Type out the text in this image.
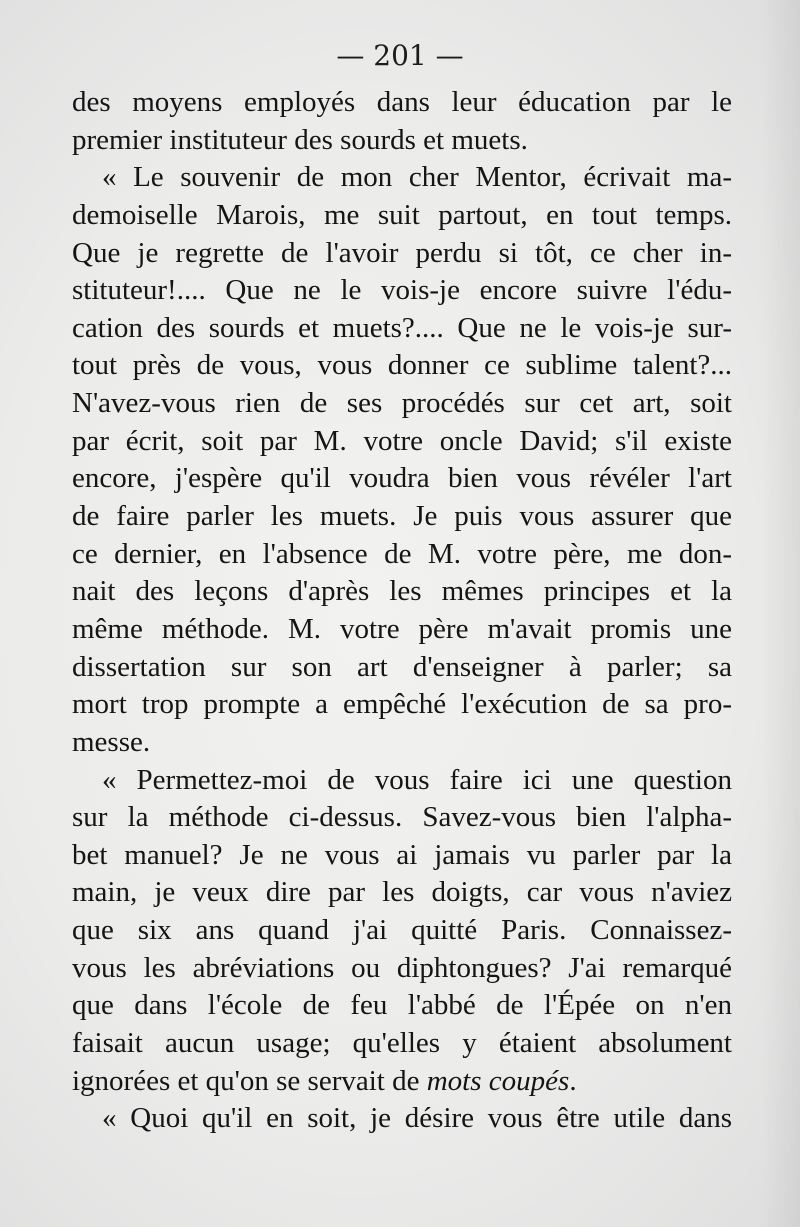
— 201 —
des moyens employés dans leur éducation par le
premier instituteur des sourds et muets.
« Le souvenir de mon cher Mentor, écrivait ma-
demoiselle Marois, me suit partout, en tout temps.
Que je regrette de l'avoir perdu si tôt, ce cher in-
stituteur!.... Que ne le vois-je encore suivre l'édu-
cation des sourds et muets?.... Que ne le vois-je sur-
tout près de vous, vous donner ce sublime talent?...
N'avez-vous rien de ses procédés sur cet art, soit
par écrit, soit par M. votre oncle David; s'il existe
encore, j'espère qu'il voudra bien vous révéler l'art
de faire parler les muets. Je puis vous assurer que
ce dernier, en l'absence de M. votre père, me don-
nait des leçons d'après les mêmes principes et la
même méthode. M. votre père m'avait promis une
dissertation sur son art d'enseigner à parler; sa
mort trop prompte a empêché l'exécution de sa pro-
messe.
« Permettez-moi de vous faire ici une question
sur la méthode ci-dessus. Savez-vous bien l'alpha-
bet manuel? Je ne vous ai jamais vu parler par la
main, je veux dire par les doigts, car vous n'aviez
que six ans quand j'ai quitté Paris. Connaissez-
vous les abréviations ou diphtongues? J'ai remarqué
que dans l'école de feu l'abbé de l'Épée on n'en
faisait aucun usage; qu'elles y étaient absolument
ignorées et qu'on se servait de mots coupés.
« Quoi qu'il en soit, je désire vous être utile dans
